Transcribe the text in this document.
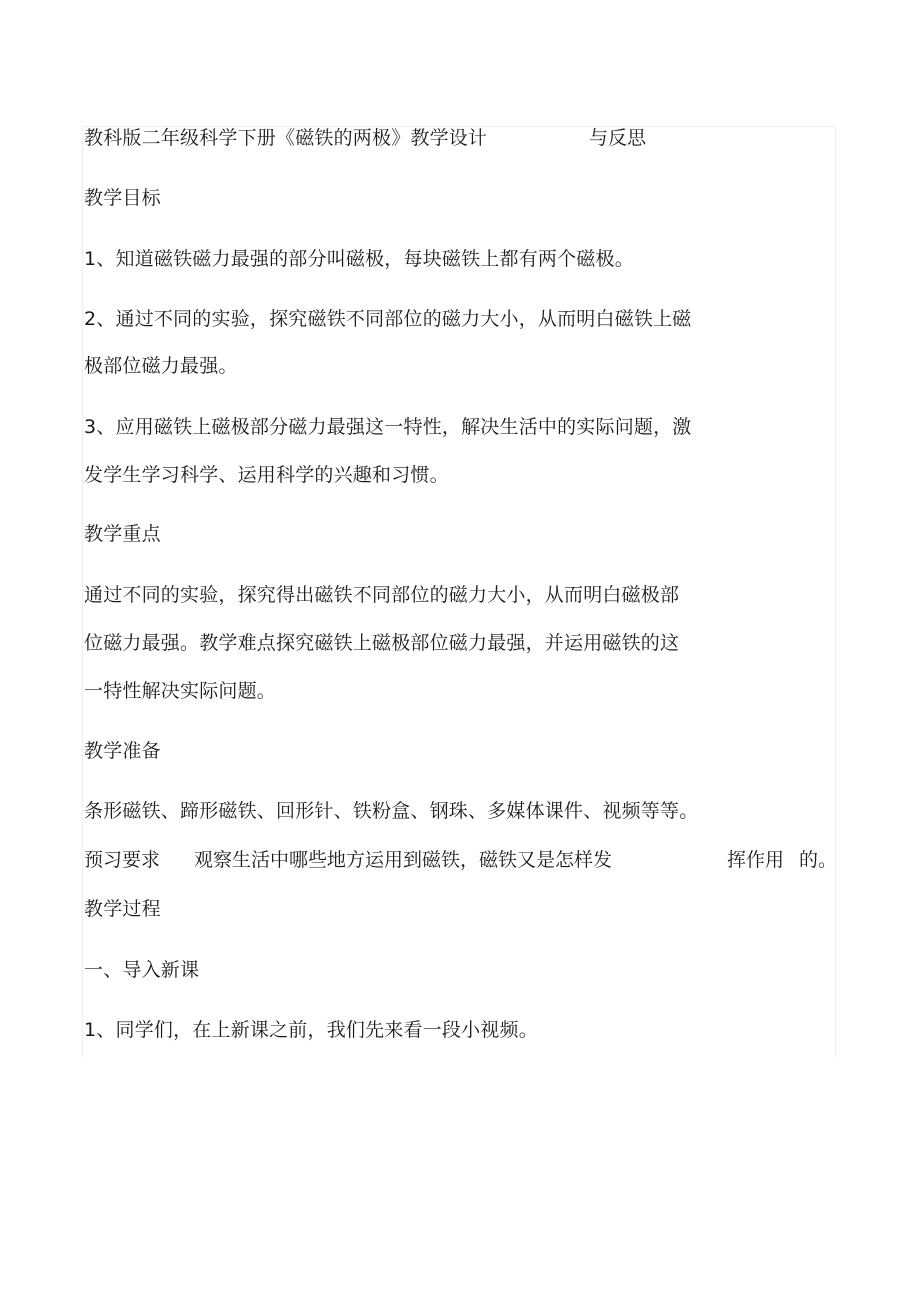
教科版二年级科学下册《磁铁的两极》教学设计	与反思
教学目标
1、知道磁铁磁力最强的部分叫磁极，每块磁铁上都有两个磁极。
2、通过不同的实验，探究磁铁不同部位的磁力大小，从而明白磁铁上磁
极部位磁力最强。
3、应用磁铁上磁极部分磁力最强这一特性，解决生活中的实际问题，激
发学生学习科学、运用科学的兴趣和习惯。
教学重点
通过不同的实验，探究得出磁铁不同部位的磁力大小，从而明白磁极部
位磁力最强。教学难点探究磁铁上磁极部位磁力最强，并运用磁铁的这
一特性解决实际问题。
教学准备
条形磁铁、蹄形磁铁、回形针、铁粉盒、钢珠、多媒体课件、视频等等。
预习要求 观察生活中哪些地方运用到磁铁，磁铁又是怎样发	挥作用 的。
教学过程
一、导入新课
1、同学们，在上新课之前，我们先来看一段小视频。
